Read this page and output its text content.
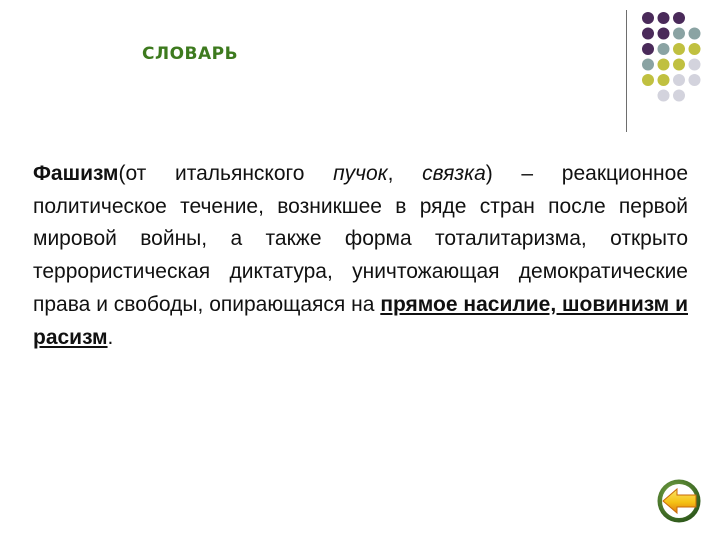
СЛОВАРЬ

Фашизм(от итальянского пучок, связка) – реакционное политическое течение, возникшее в ряде стран после первой мировой войны, а также форма тоталитаризма, открыто террористическая диктатура, уничтожающая демократические права и свободы, опирающаяся на прямое насилие, шовинизм и расизм.
